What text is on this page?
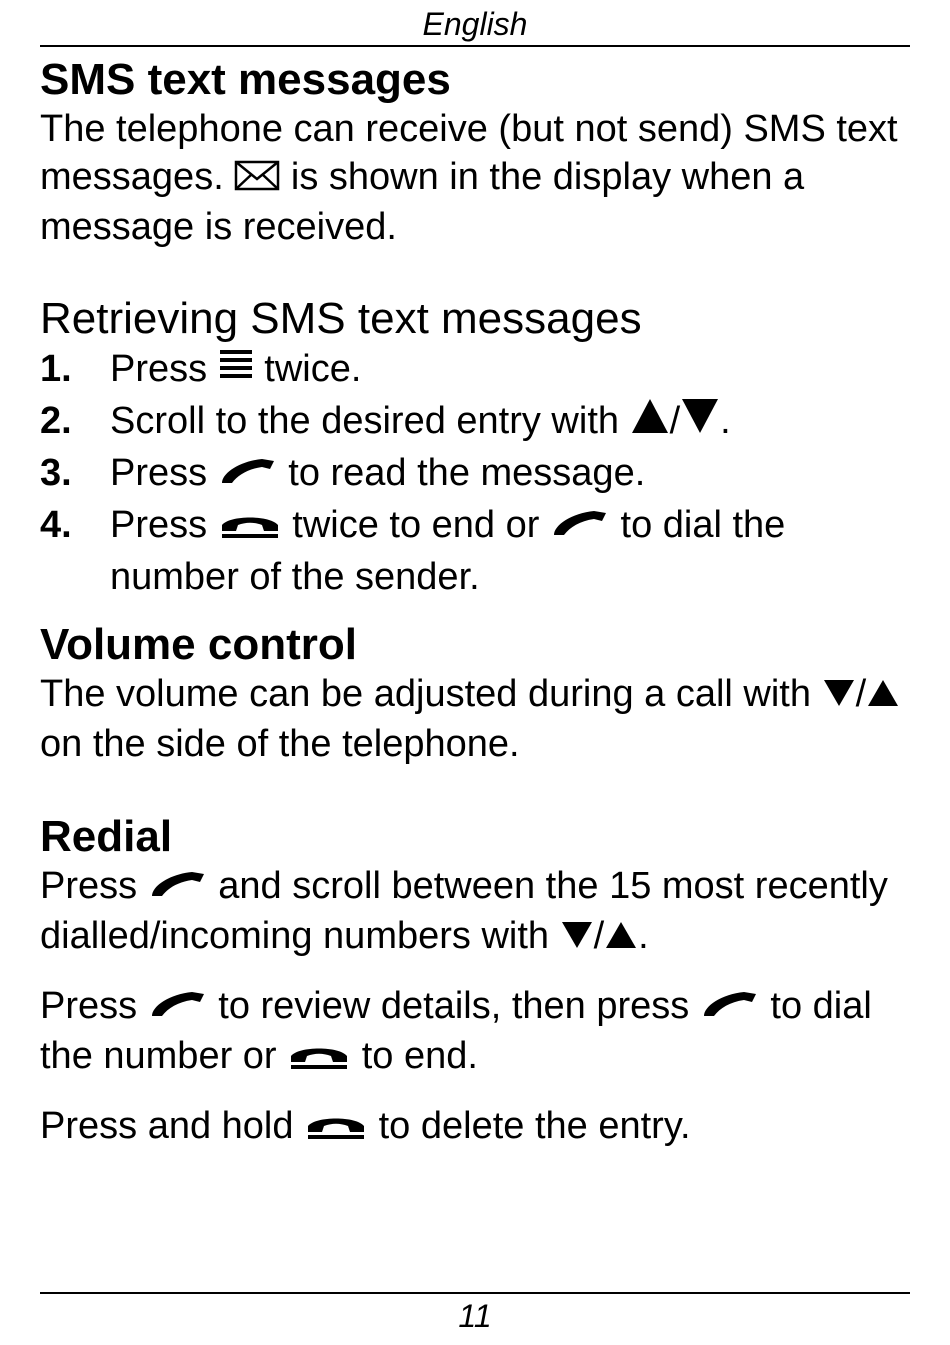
English
SMS text messages

The telephone can receive (but not send) SMS text messages. is shown in the display when a message is received.

Retrieving SMS text messages
1. Press twice.
2. Scroll to the desired entry with / .
3. Press to read the message.
4. Press twice to end or to dial the number of the sender.
Volume control

The volume can be adjusted during a call with / on the side of the telephone.

Redial

Press and scroll between the 15 most recently dialled/incoming numbers with / .

Press to review details, then press to dial the number or to end.

Press and hold to delete the entry.

11
